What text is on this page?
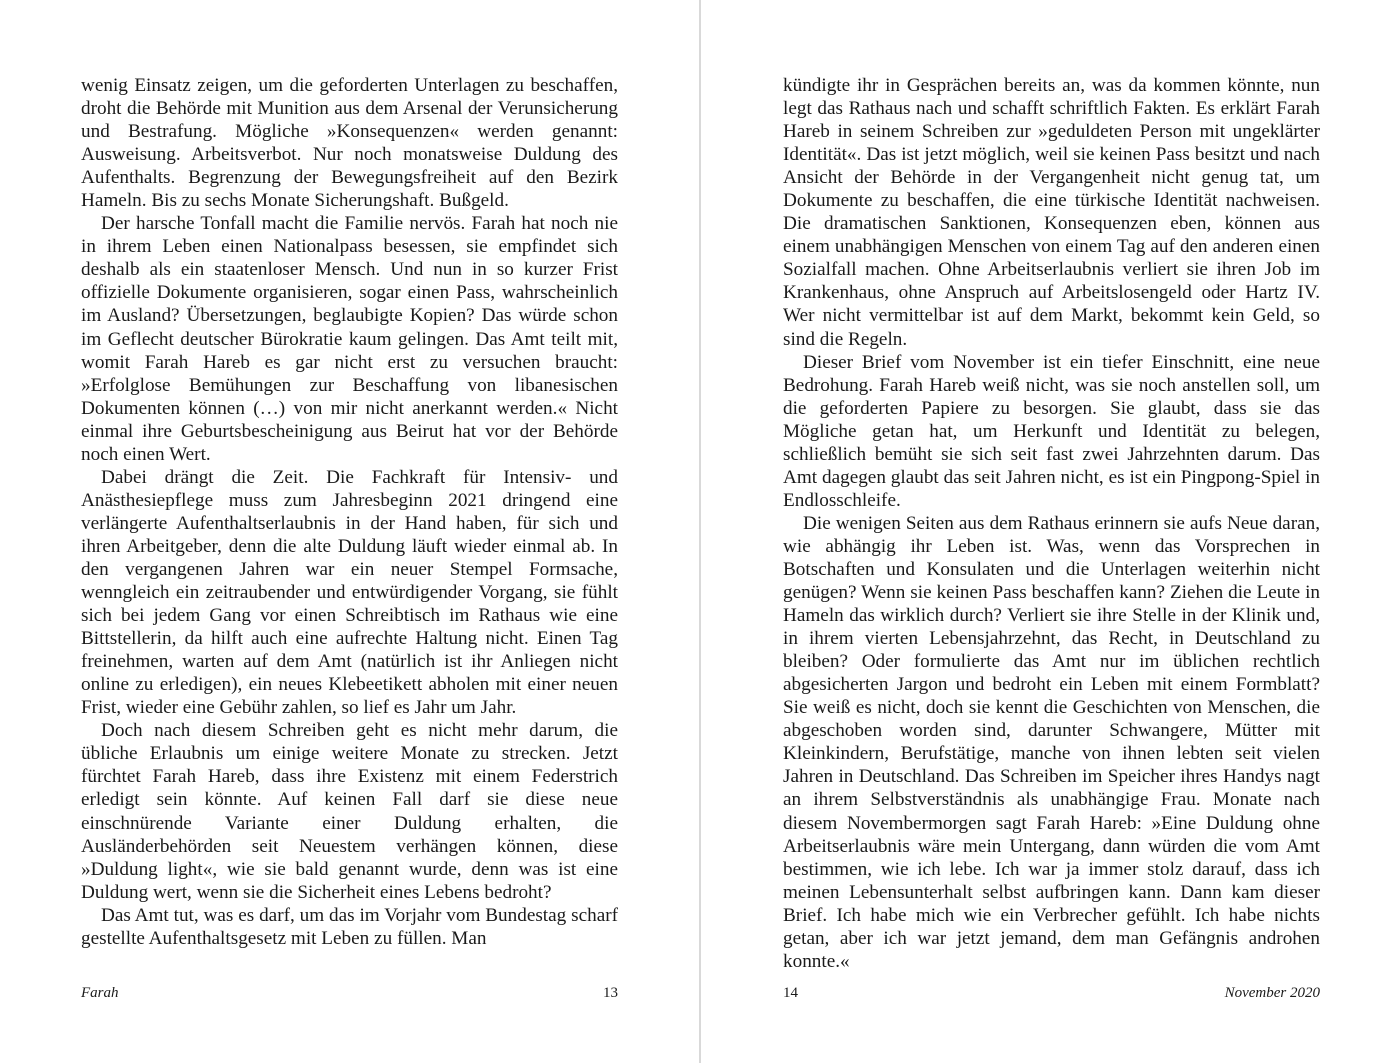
wenig Einsatz zeigen, um die geforderten Unterlagen zu beschaffen, droht die Behörde mit Munition aus dem Arsenal der Verunsicherung und Bestrafung. Mögliche »Konsequenzen« werden genannt: Ausweisung. Arbeitsverbot. Nur noch monatsweise Duldung des Aufenthalts. Begrenzung der Bewegungsfreiheit auf den Bezirk Hameln. Bis zu sechs Monate Sicherungshaft. Bußgeld.

Der harsche Tonfall macht die Familie nervös. Farah hat noch nie in ihrem Leben einen Nationalpass besessen, sie empfindet sich deshalb als ein staatenloser Mensch. Und nun in so kurzer Frist offizielle Dokumente organisieren, sogar einen Pass, wahrscheinlich im Ausland? Übersetzungen, beglaubigte Kopien? Das würde schon im Geflecht deutscher Bürokratie kaum gelingen. Das Amt teilt mit, womit Farah Hareb es gar nicht erst zu versuchen braucht: »Erfolglose Bemühungen zur Beschaffung von libanesischen Dokumenten können (…) von mir nicht anerkannt werden.« Nicht einmal ihre Geburtsbescheinigung aus Beirut hat vor der Behörde noch einen Wert.

Dabei drängt die Zeit. Die Fachkraft für Intensiv- und Anästhesiepflege muss zum Jahresbeginn 2021 dringend eine verlängerte Aufenthaltserlaubnis in der Hand haben, für sich und ihren Arbeitgeber, denn die alte Duldung läuft wieder einmal ab. In den vergangenen Jahren war ein neuer Stempel Formsache, wenngleich ein zeitraubender und entwürdigender Vorgang, sie fühlt sich bei jedem Gang vor einen Schreibtisch im Rathaus wie eine Bittstellerin, da hilft auch eine aufrechte Haltung nicht. Einen Tag freinehmen, warten auf dem Amt (natürlich ist ihr Anliegen nicht online zu erledigen), ein neues Klebeetikett abholen mit einer neuen Frist, wieder eine Gebühr zahlen, so lief es Jahr um Jahr.

Doch nach diesem Schreiben geht es nicht mehr darum, die übliche Erlaubnis um einige weitere Monate zu strecken. Jetzt fürchtet Farah Hareb, dass ihre Existenz mit einem Federstrich erledigt sein könnte. Auf keinen Fall darf sie diese neue einschnürende Variante einer Duldung erhalten, die Ausländerbehörden seit Neuestem verhängen können, diese »Duldung light«, wie sie bald genannt wurde, denn was ist eine Duldung wert, wenn sie die Sicherheit eines Lebens bedroht?

Das Amt tut, was es darf, um das im Vorjahr vom Bundestag scharf gestellte Aufenthaltsgesetz mit Leben zu füllen. Man

kündigte ihr in Gesprächen bereits an, was da kommen könnte, nun legt das Rathaus nach und schafft schriftlich Fakten. Es erklärt Farah Hareb in seinem Schreiben zur »geduldeten Person mit ungeklärter Identität«. Das ist jetzt möglich, weil sie keinen Pass besitzt und nach Ansicht der Behörde in der Vergangenheit nicht genug tat, um Dokumente zu beschaffen, die eine türkische Identität nachweisen. Die dramatischen Sanktionen, Konsequenzen eben, können aus einem unabhängigen Menschen von einem Tag auf den anderen einen Sozialfall machen. Ohne Arbeitserlaubnis verliert sie ihren Job im Krankenhaus, ohne Anspruch auf Arbeitslosengeld oder Hartz IV. Wer nicht vermittelbar ist auf dem Markt, bekommt kein Geld, so sind die Regeln.

Dieser Brief vom November ist ein tiefer Einschnitt, eine neue Bedrohung. Farah Hareb weiß nicht, was sie noch anstellen soll, um die geforderten Papiere zu besorgen. Sie glaubt, dass sie das Mögliche getan hat, um Herkunft und Identität zu belegen, schließlich bemüht sie sich seit fast zwei Jahrzehnten darum. Das Amt dagegen glaubt das seit Jahren nicht, es ist ein Pingpong-Spiel in Endlosschleife.

Die wenigen Seiten aus dem Rathaus erinnern sie aufs Neue daran, wie abhängig ihr Leben ist. Was, wenn das Vorsprechen in Botschaften und Konsulaten und die Unterlagen weiterhin nicht genügen? Wenn sie keinen Pass beschaffen kann? Ziehen die Leute in Hameln das wirklich durch? Verliert sie ihre Stelle in der Klinik und, in ihrem vierten Lebensjahrzehnt, das Recht, in Deutschland zu bleiben? Oder formulierte das Amt nur im üblichen rechtlich abgesicherten Jargon und bedroht ein Leben mit einem Formblatt? Sie weiß es nicht, doch sie kennt die Geschichten von Menschen, die abgeschoben worden sind, darunter Schwangere, Mütter mit Kleinkindern, Berufstätige, manche von ihnen lebten seit vielen Jahren in Deutschland. Das Schreiben im Speicher ihres Handys nagt an ihrem Selbstverständnis als unabhängige Frau. Monate nach diesem Novembermorgen sagt Farah Hareb: »Eine Duldung ohne Arbeitserlaubnis wäre mein Untergang, dann würden die vom Amt bestimmen, wie ich lebe. Ich war ja immer stolz darauf, dass ich meinen Lebensunterhalt selbst aufbringen kann. Dann kam dieser Brief. Ich habe mich wie ein Verbrecher gefühlt. Ich habe nichts getan, aber ich war jetzt jemand, dem man Gefängnis androhen konnte.«

Farah	13	14	November 2020
